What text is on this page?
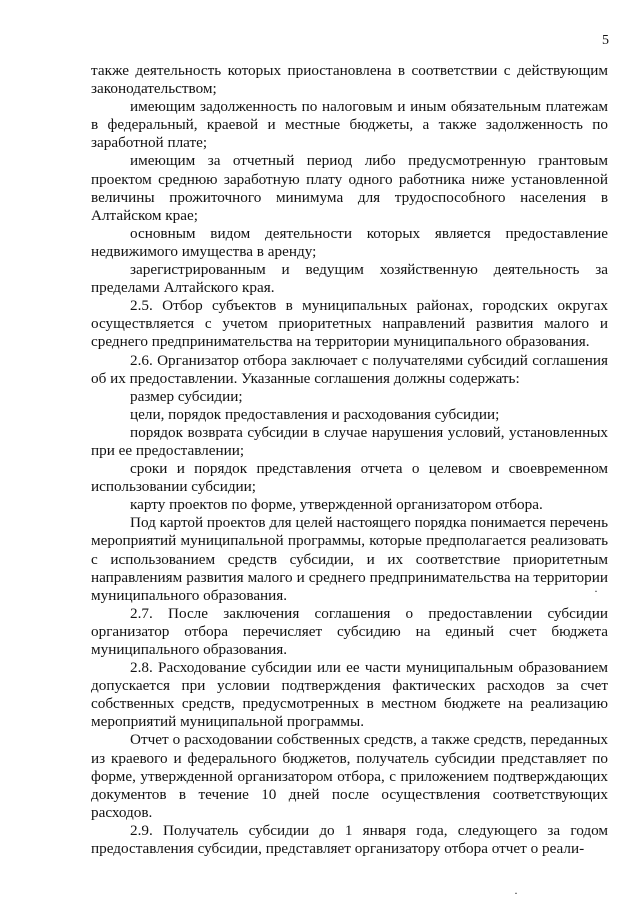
5

также деятельность которых приостановлена в соответствии с действующим законодательством;

имеющим задолженность по налоговым и иным обязательным платежам в федеральный, краевой и местные бюджеты, а также задолженность по заработной плате;

имеющим за отчетный период либо предусмотренную грантовым проектом среднюю заработную плату одного работника ниже установленной величины прожиточного минимума для трудоспособного населения в Алтайском крае;

основным видом деятельности которых является предоставление недвижимого имущества в аренду;

зарегистрированным и ведущим хозяйственную деятельность за пределами Алтайского края.

2.5. Отбор субъектов в муниципальных районах, городских округах осуществляется с учетом приоритетных направлений развития малого и среднего предпринимательства на территории муниципального образования.

2.6. Организатор отбора заключает с получателями субсидий соглашения об их предоставлении. Указанные соглашения должны содержать:

размер субсидии;

цели, порядок предоставления и расходования субсидии;

порядок возврата субсидии в случае нарушения условий, установленных при ее предоставлении;

сроки и порядок представления отчета о целевом и своевременном использовании субсидии;

карту проектов по форме, утвержденной организатором отбора.

Под картой проектов для целей настоящего порядка понимается перечень мероприятий муниципальной программы, которые предполагается реализовать с использованием средств субсидии, и их соответствие приоритетным направлениям развития малого и среднего предпринимательства на территории муниципального образования.

2.7. После заключения соглашения о предоставлении субсидии организатор отбора перечисляет субсидию на единый счет бюджета муниципального образования.

2.8. Расходование субсидии или ее части муниципальным образованием допускается при условии подтверждения фактических расходов за счет собственных средств, предусмотренных в местном бюджете на реализацию мероприятий муниципальной программы.

Отчет о расходовании собственных средств, а также средств, переданных из краевого и федерального бюджетов, получатель субсидии представляет по форме, утвержденной организатором отбора, с приложением подтверждающих документов в течение 10 дней после осуществления соответствующих расходов.

2.9. Получатель субсидии до 1 января года, следующего за годом предоставления субсидии, представляет организатору отбора отчет о реали-

·
·
